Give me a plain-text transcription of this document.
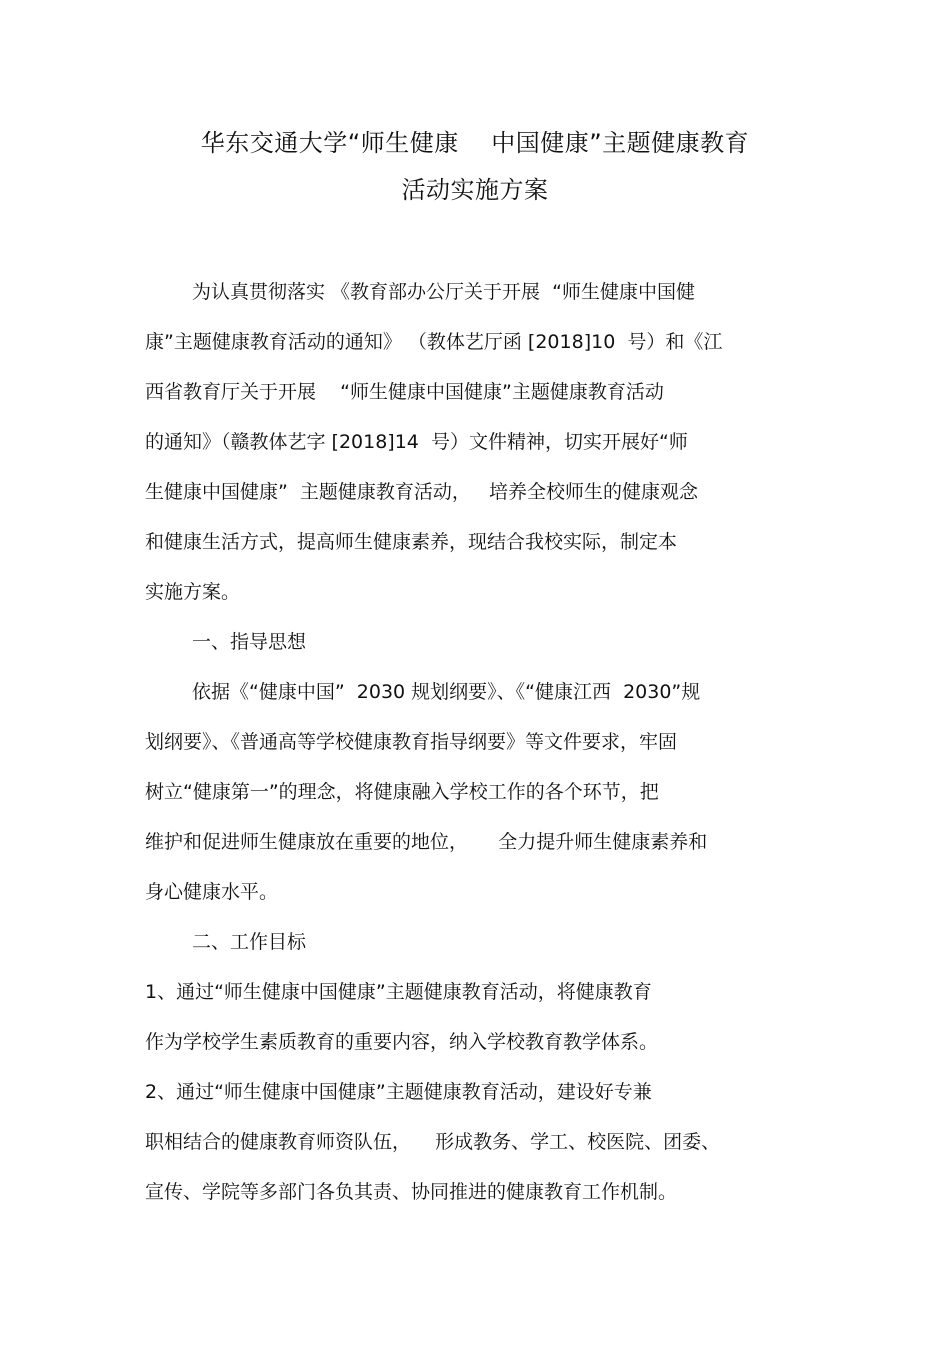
华东交通大学“师生健康    中国健康”主题健康教育
活动实施方案
为认真贯彻落实 《教育部办公厅关于开展  “师生健康中国健
康”主题健康教育活动的通知》 （教体艺厅函 [2018]10  号）和《江
西省教育厅关于开展    “师生健康中国健康”主题健康教育活动
的通知》（赣教体艺字 [2018]14  号）文件精神，切实开展好“师
生健康中国健康”  主题健康教育活动，   培养全校师生的健康观念
和健康生活方式，提高师生健康素养，现结合我校实际，制定本
实施方案。
一、指导思想
依据《“健康中国”  2030 规划纲要》、《“健康江西  2030”规
划纲要》、《普通高等学校健康教育指导纲要》等文件要求，牢固
树立“健康第一”的理念，将健康融入学校工作的各个环节，把
维护和促进师生健康放在重要的地位，     全力提升师生健康素养和
身心健康水平。
二、工作目标
1、通过“师生健康中国健康”主题健康教育活动，将健康教育
作为学校学生素质教育的重要内容，纳入学校教育教学体系。
2、通过“师生健康中国健康”主题健康教育活动，建设好专兼
职相结合的健康教育师资队伍，    形成教务、学工、校医院、团委、
宣传、学院等多部门各负其责、协同推进的健康教育工作机制。
